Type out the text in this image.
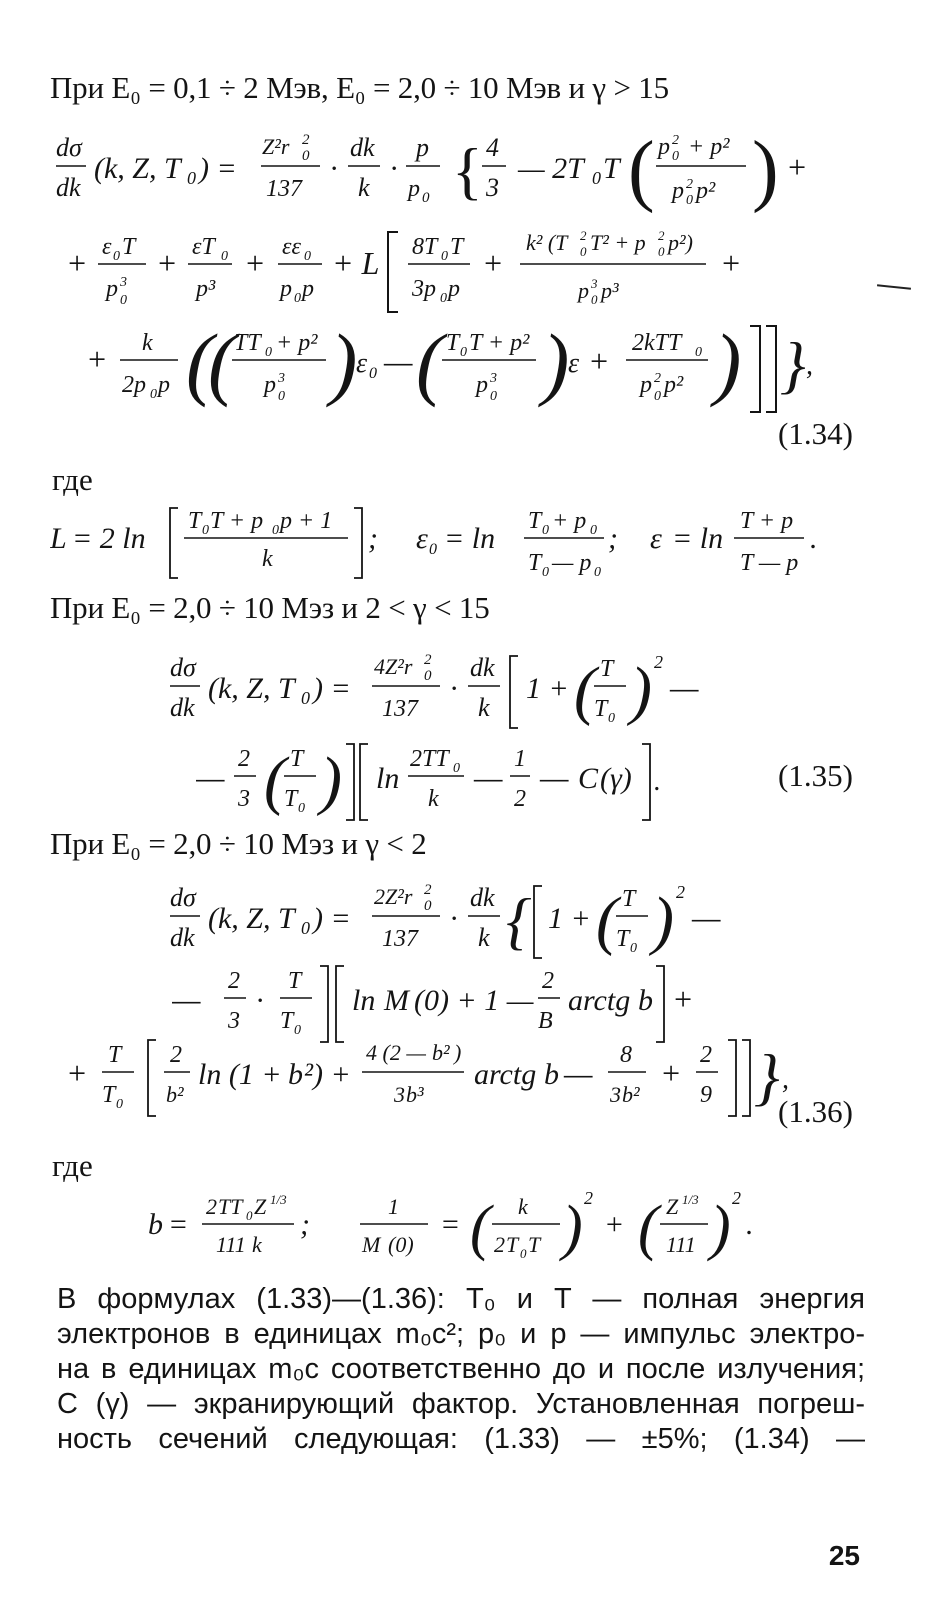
При E₀ = 0,1 ÷ 2 Мэв, E₀ = 2,0 ÷ 10 Мэв и γ > 15
dσ
dk
(k, Z, T 0 ) =
Z²r 2
0
137
·
dk
k
·
p
p 0 { 4
3
— 2T 0 T ( p 2
0 + p²
p 2
0 p² ) +
+ ε 0 T
p 3
0
+ εT 0
p³
+ εε 0
p 0 p
+ L 8T 0 T
3p 0 p
+
k² (T 2
0 T² + p 2
0 p²)
p 3
0 p³
+
+ k
2p 0 p (
(
TT 0 + p²
p 3
0 )
ε 0 — ( T 0 T + p²
p 3
0 )
ε + 2kTT 0
p 2
0 p² ) } ,
(1.34)
где
L = 2 ln
T 0 T + p 0 p + 1
k
; ε 0 = ln
T 0 + p 0
T 0 — p 0
; ε = ln
T + p
T — p
.
При E₀ = 2,0 ÷ 10 Мэз и 2 < γ < 15
dσ
dk
(k, Z, T 0 ) =
4Z²r 2
0
137
·
dk
k
1 + ( T
T 0 ) 2
—
— 2
3 ( T
T 0 ) ln
2 TT 0
k
— 1
2
— C (γ) .	(1.35)
При E₀ = 2,0 ÷ 10 Мэз и γ < 2
dσ
dk
(k, Z, T 0 ) =
2Z²r 2
0
137
·
dk
k { 1 + ( T
T 0 ) 2
—
— 2
3
·
T
T 0
ln M (0) + 1 —
2
B
arctg b +
+ T
T 0
2
b²
ln (1 + b ²) +
4 (2 — b² )
3 b³
arctg b — 8
3 b²
+ 2
9 } ,
(1.36)
где
b =
2 TT 0 Z 1/3
111 k
;
1
M (0)
= ( k
2 T 0 T ) 2
+ ( Z 1/3
111 ) 2
.
В формулах (1.33)—(1.36): T₀ и T — полная энергия
электронов в единицах m₀c²; p₀ и p — импульс электро-
на в единицах m₀c соответственно до и после излучения;
C (γ) — экранирующий фактор. Установленная погреш-
ность сечений следующая: (1.33) — ±5%; (1.34) —
25
